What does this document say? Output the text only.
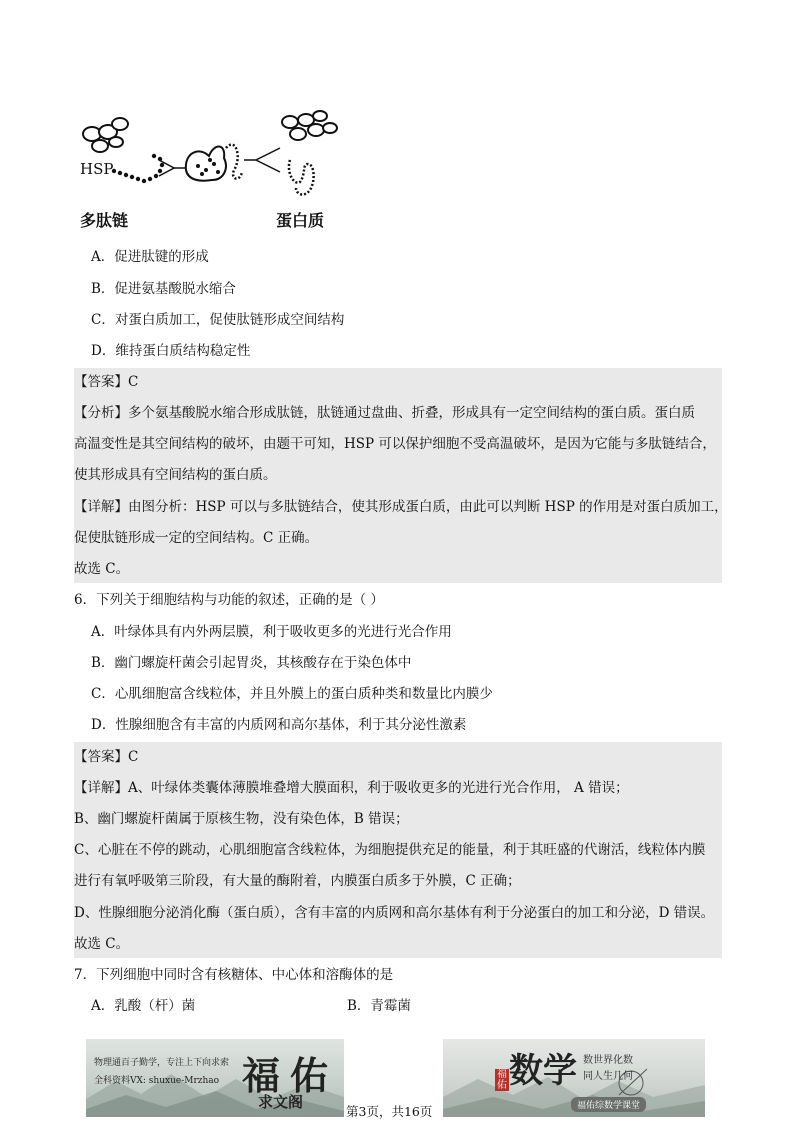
HSP
多肽链	蛋白质
A．促进肽键的形成
B．促进氨基酸脱水缩合
C．对蛋白质加工，促使肽链形成空间结构
D．维持蛋白质结构稳定性
【答案】C
【分析】多个氨基酸脱水缩合形成肽链，肽链通过盘曲、折叠，形成具有一定空间结构的蛋白质。蛋白质
高温变性是其空间结构的破坏，由题干可知，HSP 可以保护细胞不受高温破坏，是因为它能与多肽链结合，
使其形成具有空间结构的蛋白质。
【详解】由图分析：HSP 可以与多肽链结合，使其形成蛋白质，由此可以判断 HSP 的作用是对蛋白质加工，
促使肽链形成一定的空间结构。C 正确。
故选 C。
6．下列关于细胞结构与功能的叙述，正确的是（ ）
A．叶绿体具有内外两层膜，利于吸收更多的光进行光合作用
B．幽门螺旋杆菌会引起胃炎，其核酸存在于染色体中
C．心肌细胞富含线粒体，并且外膜上的蛋白质种类和数量比内膜少
D．性腺细胞含有丰富的内质网和高尔基体，利于其分泌性激素
【答案】C
【详解】A、叶绿体类囊体薄膜堆叠增大膜面积，利于吸收更多的光进行光合作用， A 错误；
B、幽门螺旋杆菌属于原核生物，没有染色体，B 错误；
C、心脏在不停的跳动，心肌细胞富含线粒体，为细胞提供充足的能量，利于其旺盛的代谢活，线粒体内膜
进行有氧呼吸第三阶段，有大量的酶附着，内膜蛋白质多于外膜，C 正确；
D、性腺细胞分泌消化酶（蛋白质），含有丰富的内质网和高尔基体有利于分泌蛋白的加工和分泌，D 错误。
故选 C。
7．下列细胞中同时含有核糖体、中心体和溶酶体的是
A．乳酸（杆）菌	B．青霉菌
物理通百子勤学，专注上下向求索
全科资料VX: shuxue-Mrzhao 福 佑
求文阁
数学
福佑
数世界化数
同人生几何
福佑综数学课堂
第3页，共16页
